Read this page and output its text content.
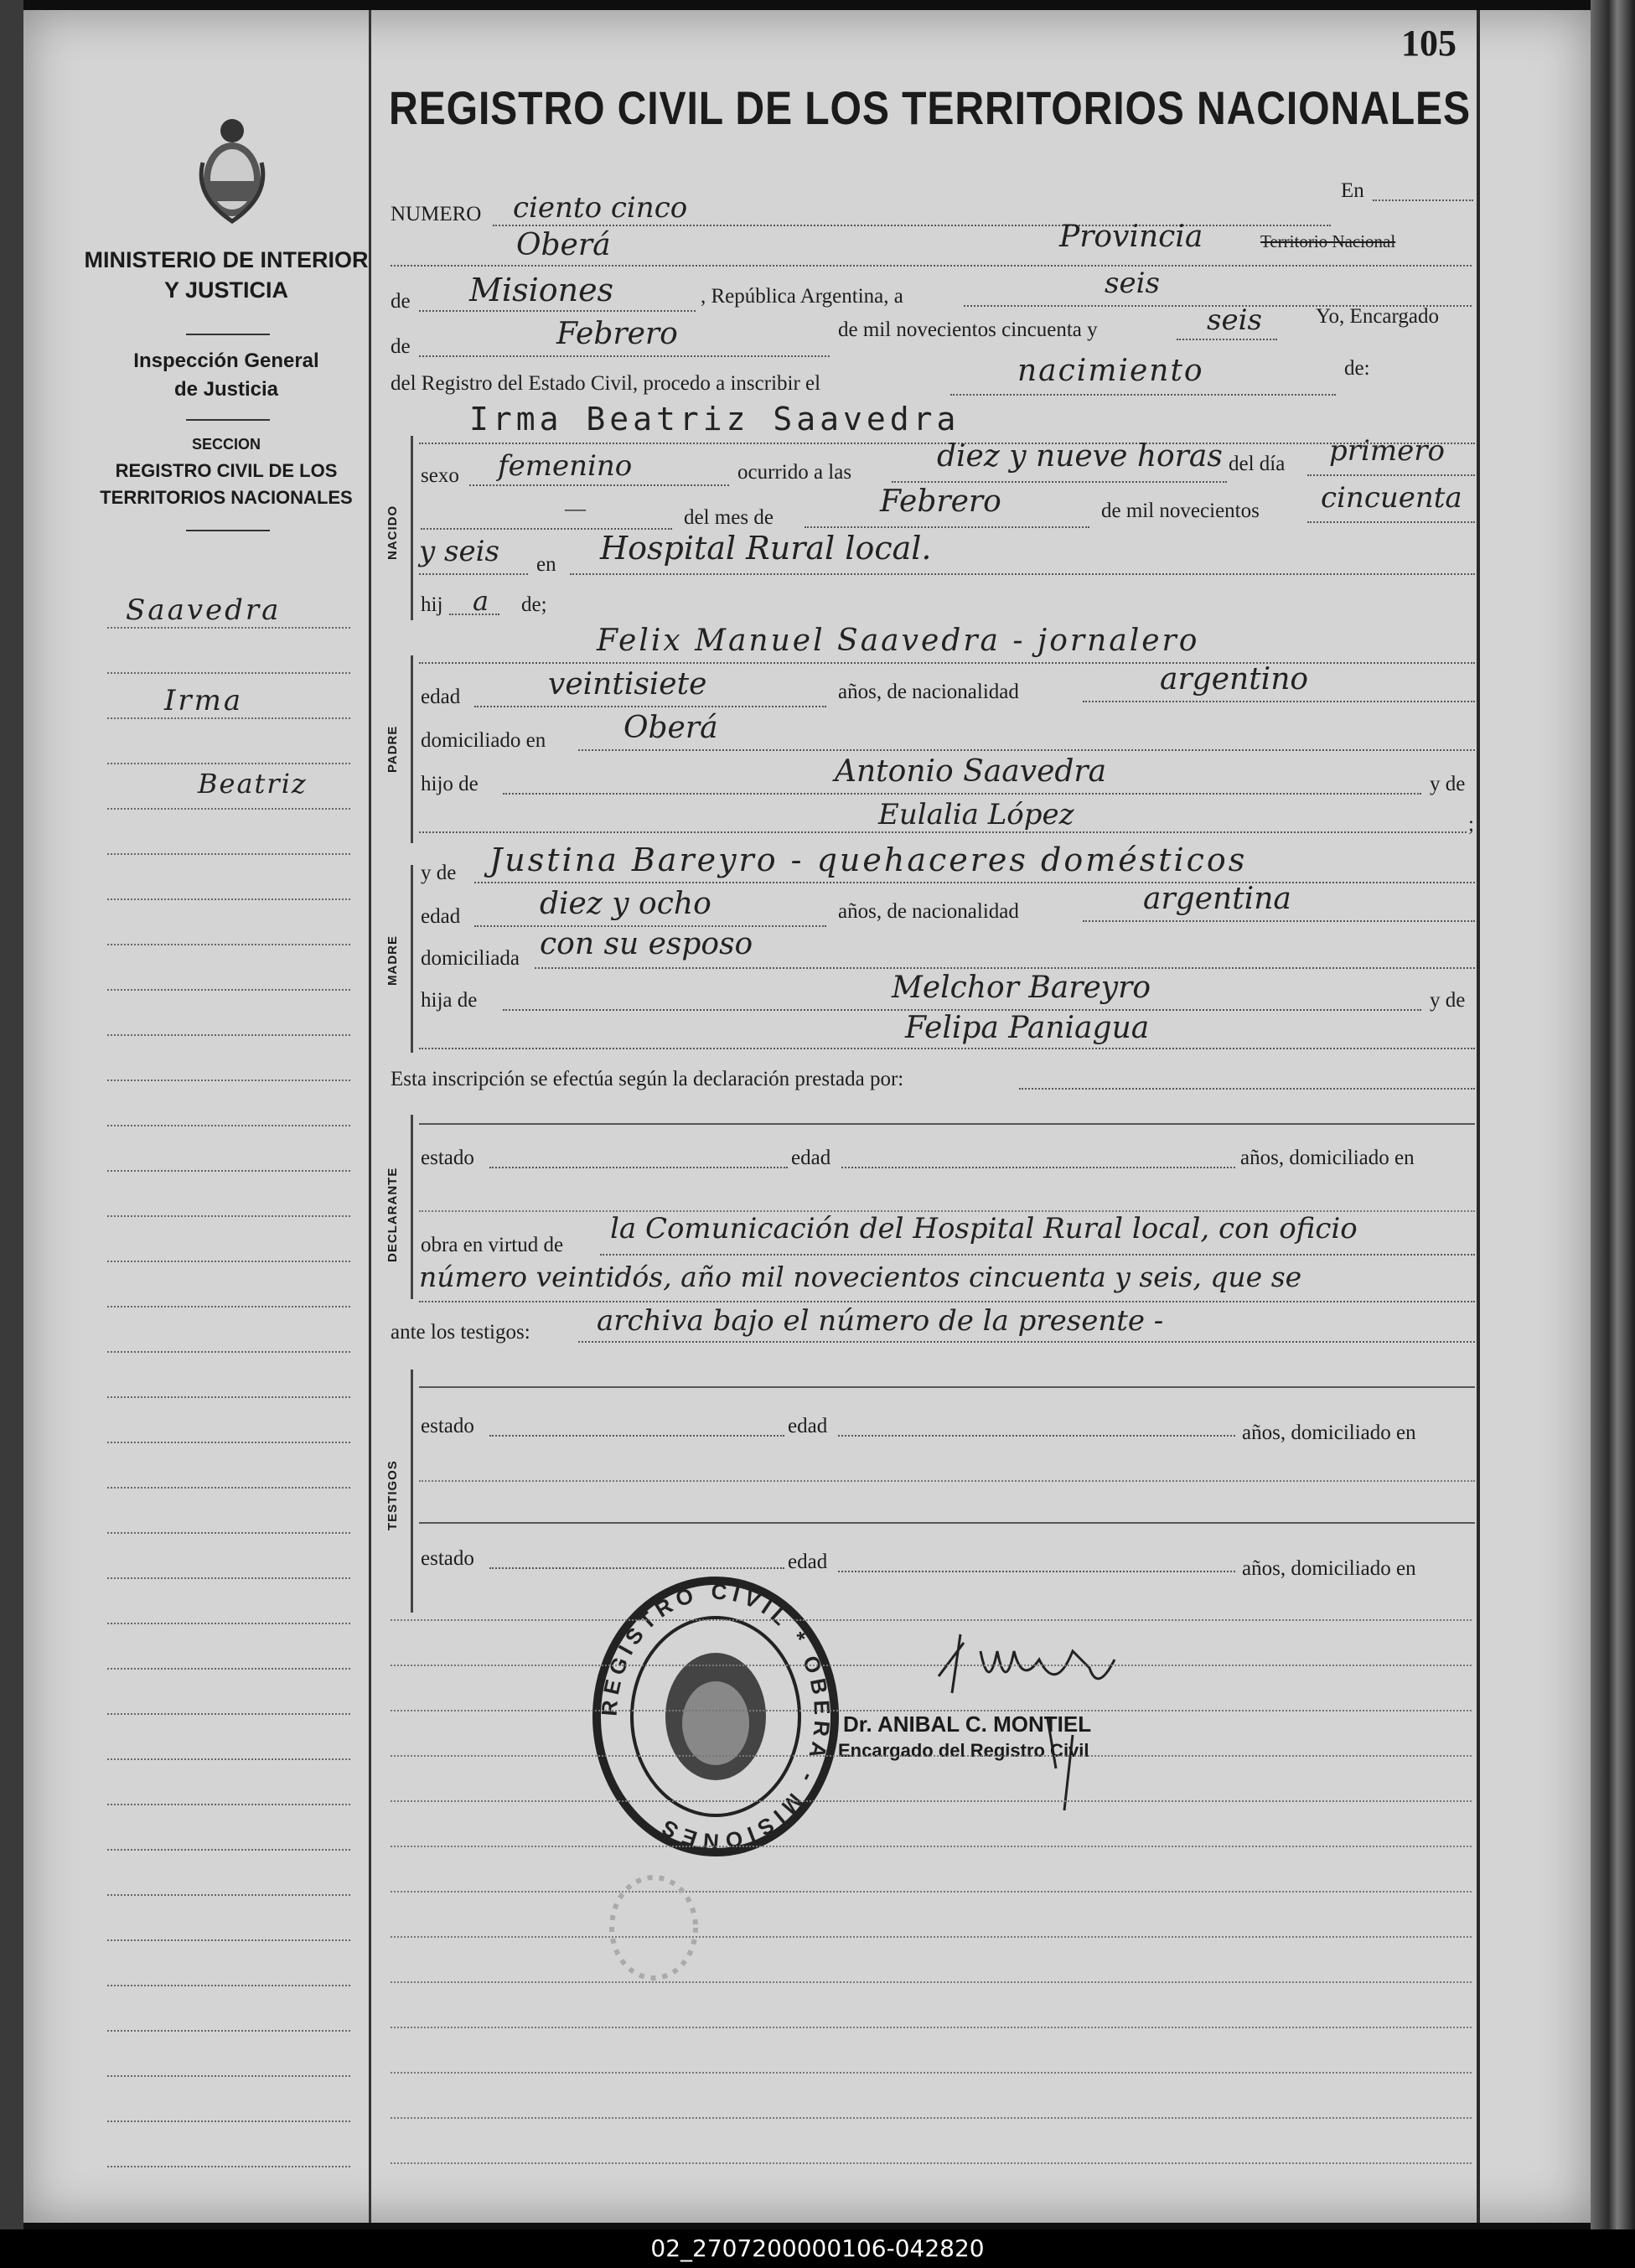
105
MINISTERIO DE INTERIOR
Y JUSTICIA
Inspección General
de Justicia
SECCION
REGISTRO CIVIL DE LOS
TERRITORIOS NACIONALES
Saavedra
Irma
Beatriz
REGISTRO CIVIL DE LOS TERRITORIOS NACIONALES
NUMERO ciento cinco
En
Oberá	Provincia	Territorio Nacional
de Misiones	, República Argentina, a	seis
de	Febrero	de mil novecientos cincuenta y	seis	Yo, Encargado
del Registro del Estado Civil, procedo a inscribir el	nacimiento	de:
NACIDO
Irma Beatriz Saavedra
sexo femenino	ocurrido a las	diez y nueve horas del día primero
—	del mes de	Febrero	de mil novecientos cincuenta
y seis en Hospital Rural local.
hij a de;
PADRE
Felix Manuel Saavedra - jornalero
edad	veintisiete	años, de nacionalidad	argentino
domiciliado en	Oberá
hijo de	Antonio Saavedra	y de
Eulalia López	;
MADRE
y de Justina Bareyro - quehaceres domésticos
edad	diez y ocho	años, de nacionalidad	argentina
domiciliada con su esposo
hija de	Melchor Bareyro	y de
Felipa Paniagua
Esta inscripción se efectúa según la declaración prestada por:
DECLARANTE
estado	edad	años, domiciliado en
obra en virtud de la Comunicación del Hospital Rural local, con oficio
número veintidós, año mil novecientos cincuenta y seis, que se
ante los testigos: archiva bajo el número de la presente -
TESTIGOS
estado	edad	años, domiciliado en
estado	edad	años, domiciliado en
REGISTRO CIVIL * OBERÁ - MISIONES
Dr. ANIBAL C. MONTIEL
Encargado del Registro Civil
02_2707200000106-042820
